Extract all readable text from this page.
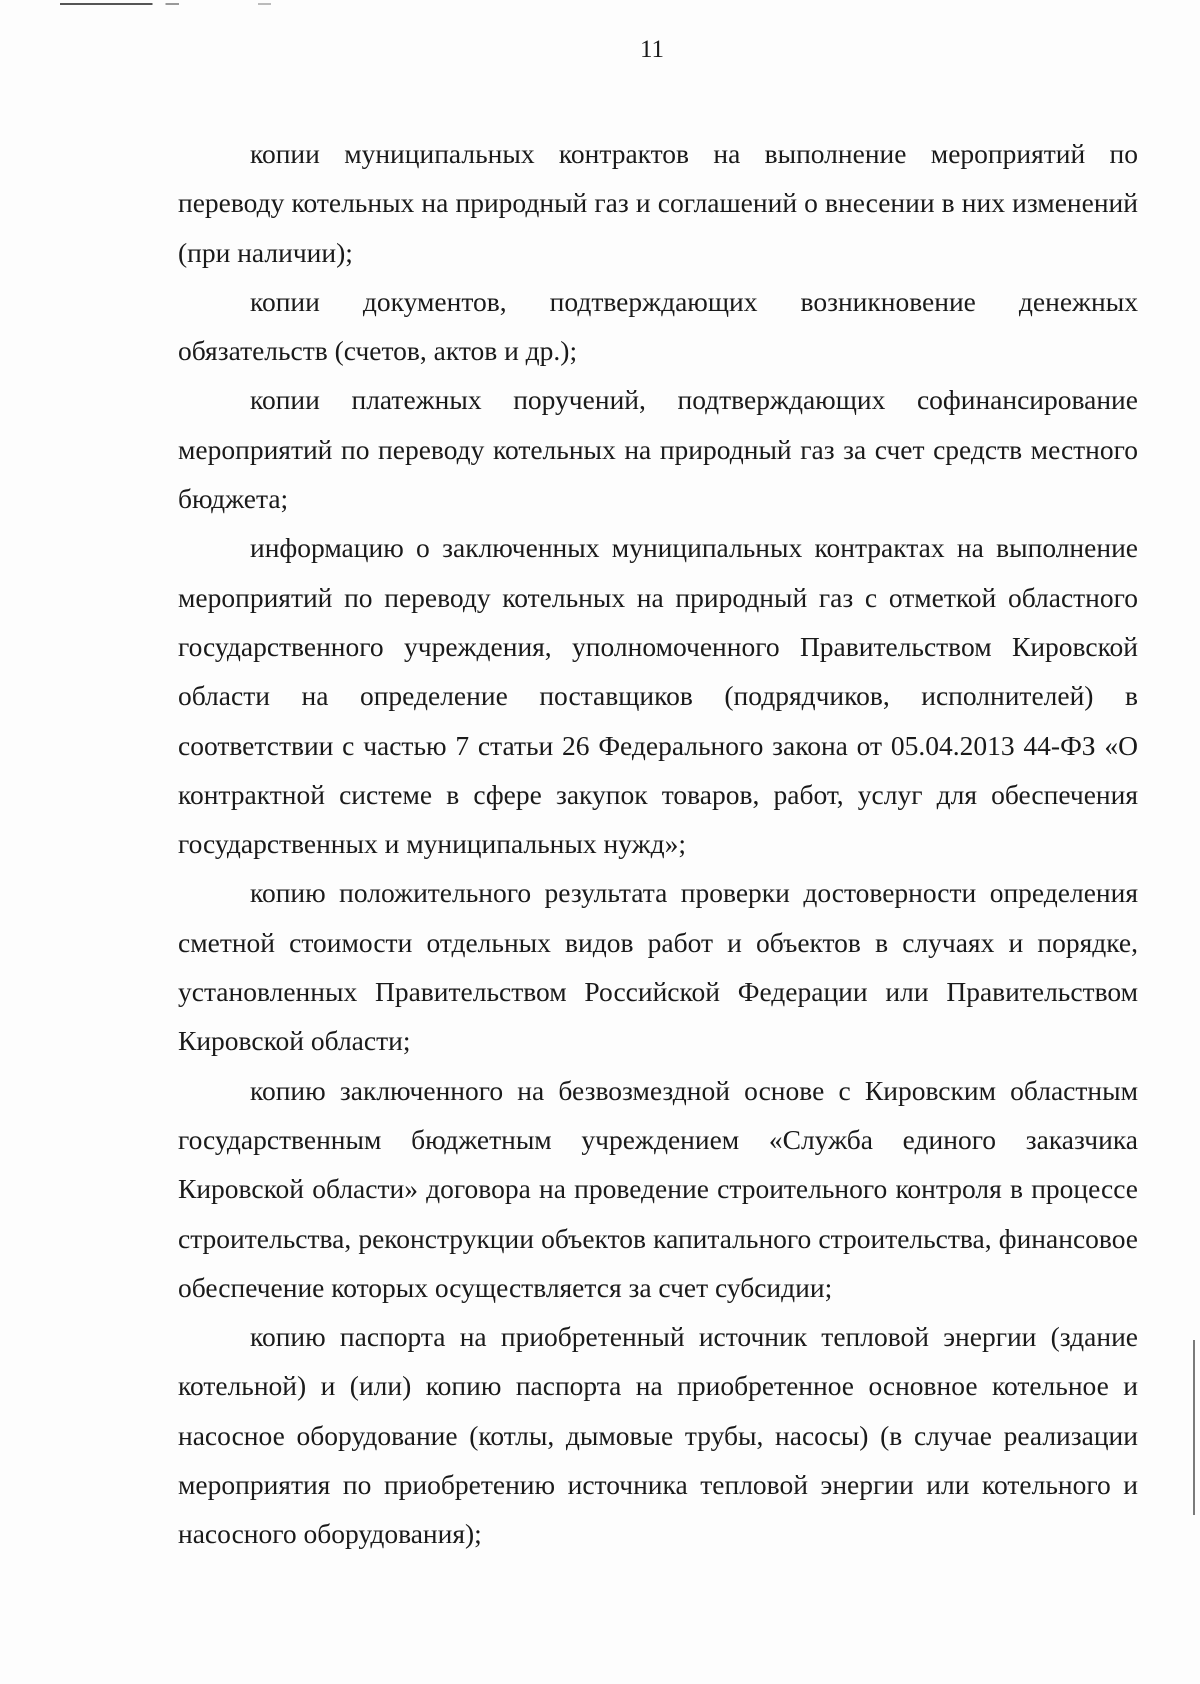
11

копии муниципальных контрактов на выполнение мероприятий по переводу котельных на природный газ и соглашений о внесении в них изменений (при наличии);

копии документов, подтверждающих возникновение денежных обязательств (счетов, актов и др.);

копии платежных поручений, подтверждающих софинансирование мероприятий по переводу котельных на природный газ за счет средств местного бюджета;

информацию о заключенных муниципальных контрактах на выполнение мероприятий по переводу котельных на природный газ с отметкой областного государственного учреждения, уполномоченного Правительством Кировской области на определение поставщиков (подрядчиков, исполнителей) в соответствии с частью 7 статьи 26 Федерального закона от 05.04.2013 44-ФЗ «О контрактной системе в сфере закупок товаров, работ, услуг для обеспечения государственных и муниципальных нужд»;

копию положительного результата проверки достоверности определения сметной стоимости отдельных видов работ и объектов в случаях и порядке, установленных Правительством Российской Федерации или Правительством Кировской области;

копию заключенного на безвозмездной основе с Кировским областным государственным бюджетным учреждением «Служба единого заказчика Кировской области» договора на проведение строительного контроля в процессе строительства, реконструкции объектов капитального строительства, финансовое обеспечение которых осуществляется за счет субсидии;

копию паспорта на приобретенный источник тепловой энергии (здание котельной) и (или) копию паспорта на приобретенное основное котельное и насосное оборудование (котлы, дымовые трубы, насосы) (в случае реализации мероприятия по приобретению источника тепловой энергии или котельного и насосного оборудования);
